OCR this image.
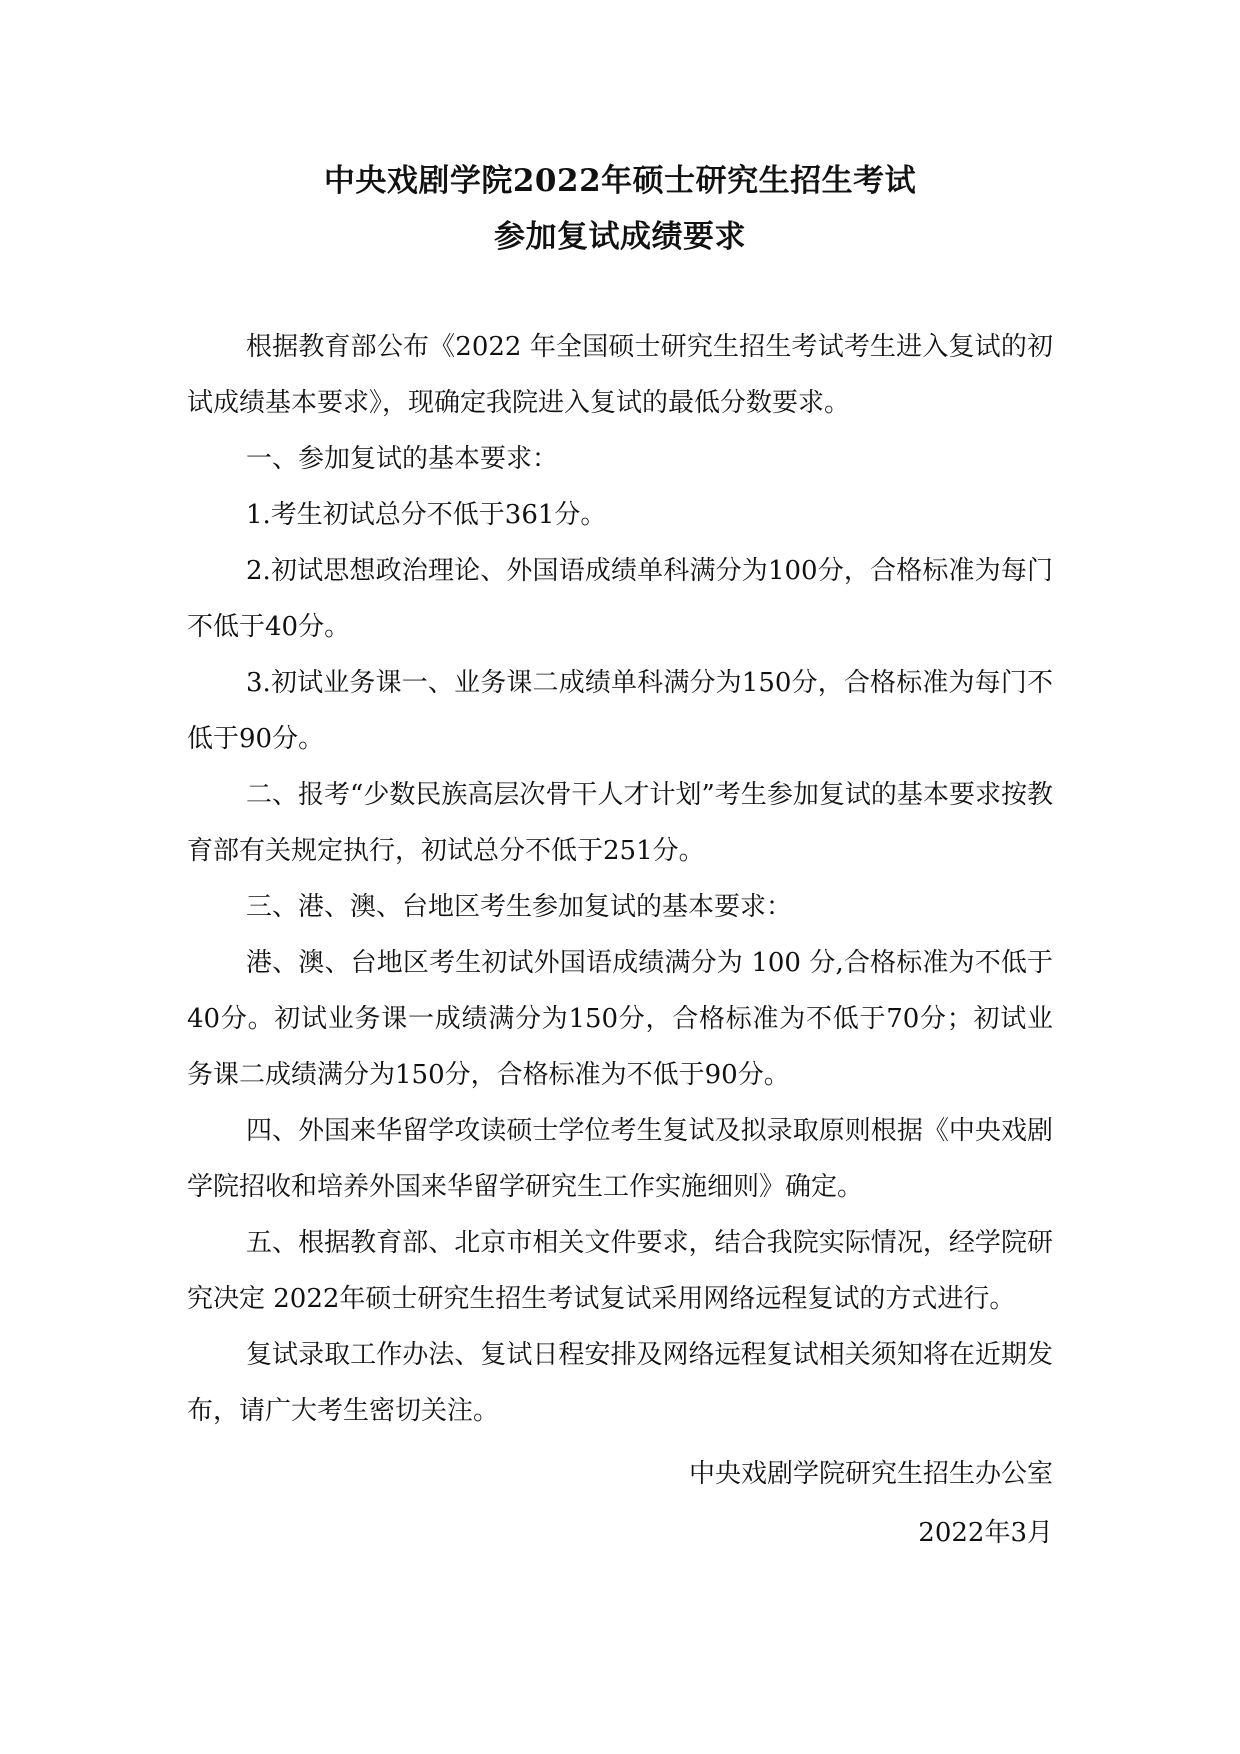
中央戏剧学院2022年硕士研究生招生考试
参加复试成绩要求

根据教育部公布《2022 年全国硕士研究生招生考试考生进入复试的初试成绩基本要求》，现确定我院进入复试的最低分数要求。

一、参加复试的基本要求：

1.考生初试总分不低于361分。

2.初试思想政治理论、外国语成绩单科满分为100分，合格标准为每门不低于40分。

3.初试业务课一、业务课二成绩单科满分为150分，合格标准为每门不低于90分。

二、报考“少数民族高层次骨干人才计划”考生参加复试的基本要求按教育部有关规定执行，初试总分不低于251分。

三、港、澳、台地区考生参加复试的基本要求：

港、澳、台地区考生初试外国语成绩满分为 100 分,合格标准为不低于40分。初试业务课一成绩满分为150分，合格标准为不低于70分；初试业务课二成绩满分为150分，合格标准为不低于90分。

四、外国来华留学攻读硕士学位考生复试及拟录取原则根据《中央戏剧学院招收和培养外国来华留学研究生工作实施细则》确定。

五、根据教育部、北京市相关文件要求，结合我院实际情况，经学院研究决定 2022年硕士研究生招生考试复试采用网络远程复试的方式进行。

复试录取工作办法、复试日程安排及网络远程复试相关须知将在近期发布，请广大考生密切关注。

中央戏剧学院研究生招生办公室
2022年3月
